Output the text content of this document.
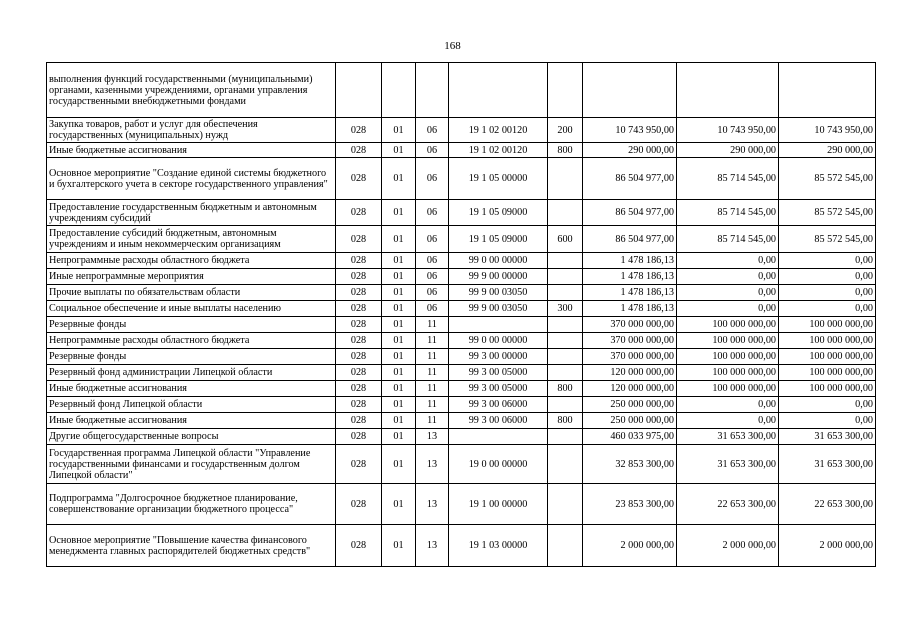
168
выполнения функций государственными (муниципальными) органами, казенными учреждениями, органами управления государственными внебюджетными фондами								
Закупка товаров, работ и услуг для обеспечения государственных (муниципальных) нужд	028	01	06	19 1 02 00120	200	10 743 950,00	10 743 950,00	10 743 950,00
Иные бюджетные ассигнования	028	01	06	19 1 02 00120	800	290 000,00	290 000,00	290 000,00
Основное мероприятие "Создание единой системы бюджетного и бухгалтерского учета в секторе государственного управления"	028	01	06	19 1 05 00000		86 504 977,00	85 714 545,00	85 572 545,00
Предоставление государственным бюджетным и автономным учреждениям субсидий	028	01	06	19 1 05 09000		86 504 977,00	85 714 545,00	85 572 545,00
Предоставление субсидий бюджетным, автономным учреждениям и иным некоммерческим организациям	028	01	06	19 1 05 09000	600	86 504 977,00	85 714 545,00	85 572 545,00
Непрограммные расходы областного бюджета	028	01	06	99 0 00 00000		1 478 186,13	0,00	0,00
Иные непрограммные мероприятия	028	01	06	99 9 00 00000		1 478 186,13	0,00	0,00
Прочие выплаты по обязательствам области	028	01	06	99 9 00 03050		1 478 186,13	0,00	0,00
Социальное обеспечение и иные выплаты населению	028	01	06	99 9 00 03050	300	1 478 186,13	0,00	0,00
Резервные фонды	028	01	11			370 000 000,00	100 000 000,00	100 000 000,00
Непрограммные расходы областного бюджета	028	01	11	99 0 00 00000		370 000 000,00	100 000 000,00	100 000 000,00
Резервные фонды	028	01	11	99 3 00 00000		370 000 000,00	100 000 000,00	100 000 000,00
Резервный фонд администрации Липецкой области	028	01	11	99 3 00 05000		120 000 000,00	100 000 000,00	100 000 000,00
Иные бюджетные ассигнования	028	01	11	99 3 00 05000	800	120 000 000,00	100 000 000,00	100 000 000,00
Резервный фонд Липецкой области	028	01	11	99 3 00 06000		250 000 000,00	0,00	0,00
Иные бюджетные ассигнования	028	01	11	99 3 00 06000	800	250 000 000,00	0,00	0,00
Другие общегосударственные вопросы	028	01	13			460 033 975,00	31 653 300,00	31 653 300,00
Государственная программа Липецкой области "Управление государственными финансами и государственным долгом Липецкой области"	028	01	13	19 0 00 00000		32 853 300,00	31 653 300,00	31 653 300,00
Подпрограмма "Долгосрочное бюджетное планирование, совершенствование организации бюджетного процесса"	028	01	13	19 1 00 00000		23 853 300,00	22 653 300,00	22 653 300,00
Основное мероприятие "Повышение качества финансового менеджмента главных распорядителей бюджетных средств"	028	01	13	19 1 03 00000		2 000 000,00	2 000 000,00	2 000 000,00
